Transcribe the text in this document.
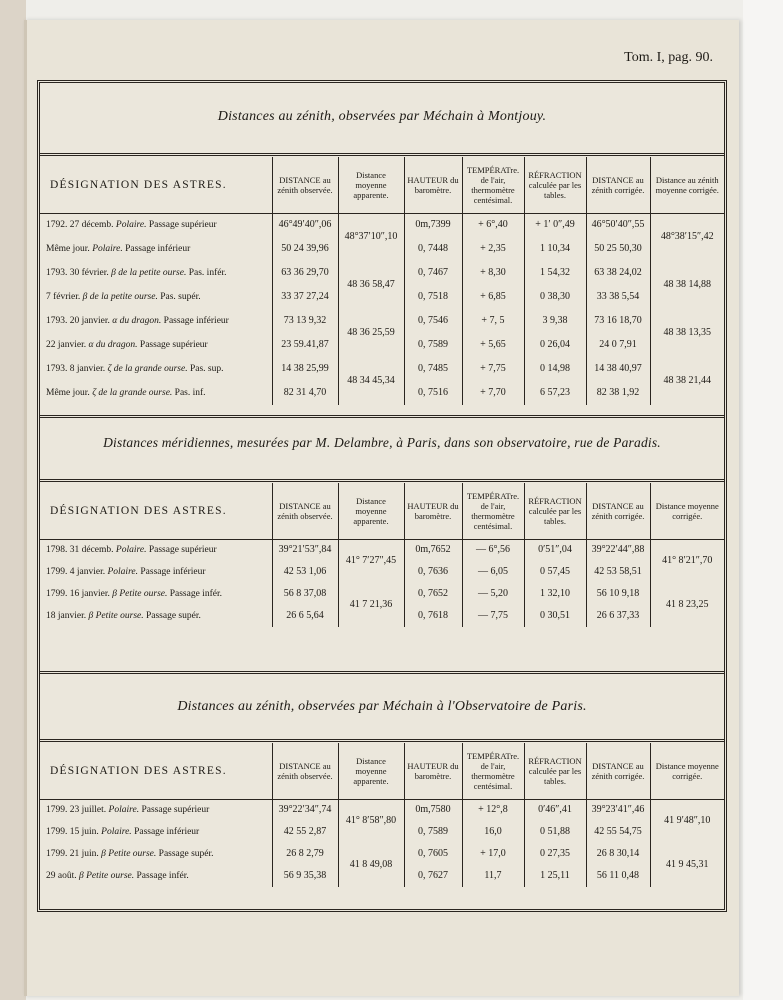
Tom. I, pag. 90.
Distances au zénith, observées par Méchain à Montjouy.
DÉSIGNATION DES ASTRES.	DISTANCE au zénith observée.	Distance moyenne apparente.	HAUTEUR du baromètre.	TEMPÉRATre. de l'air, thermomètre centésimal.	RÉFRACTION calculée par les tables.	DISTANCE au zénith corrigée.	Distance au zénith moyenne corrigée.
1792. 27 décemb. Polaire. Passage supérieur	46°49′40″,06	48°37′10″,10	0m,7399	+ 6°,40	+ 1′ 0″,49	46°50′40″,55	48°38′15″,42
Même jour. Polaire. Passage inférieur	50 24 39,96		0, 7448	+ 2,35	1 10,34	50 25 50,30	
1793. 30 février. β de la petite ourse. Pas. infér.	63 36 29,70	48 36 58,47	0, 7467	+ 8,30	1 54,32	63 38 24,02	48 38 14,88
7 février. β de la petite ourse. Pas. supér.	33 37 27,24		0, 7518	+ 6,85	0 38,30	33 38 5,54	
1793. 20 janvier. α du dragon. Passage inférieur	73 13 9,32	48 36 25,59	0, 7546	+ 7, 5	3 9,38	73 16 18,70	48 38 13,35
22 janvier. α du dragon. Passage supérieur	23 59.41,87		0, 7589	+ 5,65	0 26,04	24 0 7,91	
1793. 8 janvier. ζ de la grande ourse. Pas. sup.	14 38 25,99	48 34 45,34	0, 7485	+ 7,75	0 14,98	14 38 40,97	48 38 21,44
Même jour. ζ de la grande ourse. Pas. inf.	82 31 4,70		0, 7516	+ 7,70	6 57,23	82 38 1,92	
Distances méridiennes, mesurées par M. Delambre, à Paris, dans son observatoire, rue de Paradis.
DÉSIGNATION DES ASTRES.	DISTANCE au zénith observée.	Distance moyenne apparente.	HAUTEUR du baromètre.	TEMPÉRATre. de l'air, thermomètre centésimal.	RÉFRACTION calculée par les tables.	DISTANCE au zénith corrigée.	Distance moyenne corrigée.
1798. 31 décemb. Polaire. Passage supérieur	39°21′53″,84	41° 7′27″,45	0m,7652	— 6°,56	0′51″,04	39°22′44″,88	41° 8′21″,70
1799. 4 janvier. Polaire. Passage inférieur	42 53 1,06		0, 7636	— 6,05	0 57,45	42 53 58,51	
1799. 16 janvier. β Petite ourse. Passage infér.	56 8 37,08	41 7 21,36	0, 7652	— 5,20	1 32,10	56 10 9,18	41 8 23,25
18 janvier. β Petite ourse. Passage supér.	26 6 5,64		0, 7618	— 7,75	0 30,51	26 6 37,33	
Distances au zénith, observées par Méchain à l'Observatoire de Paris.
DÉSIGNATION DES ASTRES.	DISTANCE au zénith observée.	Distance moyenne apparente.	HAUTEUR du baromètre.	TEMPÉRATre. de l'air, thermomètre centésimal.	RÉFRACTION calculée par les tables.	DISTANCE au zénith corrigée.	Distance moyenne corrigée.
1799. 23 juillet. Polaire. Passage supérieur	39°22′34″,74	41° 8′58″,80	0m,7580	+ 12°,8	0′46″,41	39°23′41″,46	41 9′48″,10
1799. 15 juin. Polaire. Passage inférieur	42 55 2,87		0, 7589	16,0	0 51,88	42 55 54,75	
1799. 21 juin. β Petite ourse. Passage supér.	26 8 2,79	41 8 49,08	0, 7605	+ 17,0	0 27,35	26 8 30,14	41 9 45,31
29 août. β Petite ourse. Passage infér.	56 9 35,38		0, 7627	11,7	1 25,11	56 11 0,48	
